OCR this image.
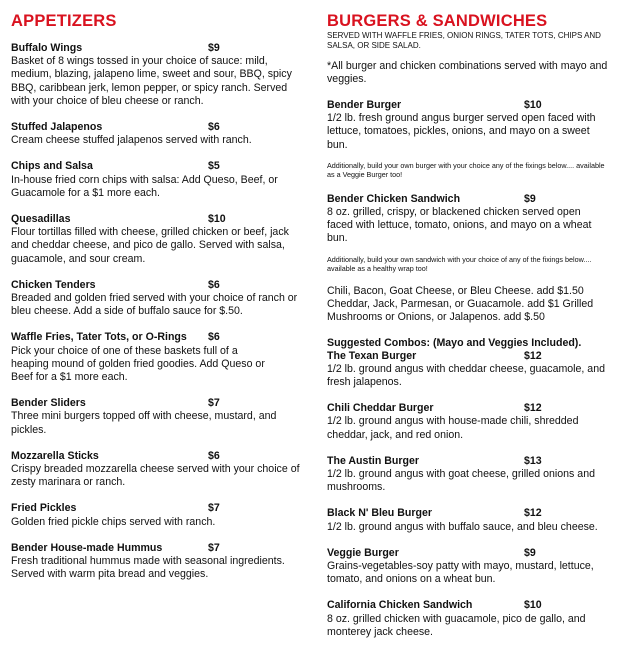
APPETIZERS
Buffalo Wings	$9
Basket of 8 wings tossed in your choice of sauce: mild, medium, blazing, jalapeno lime, sweet and sour, BBQ, spicy BBQ, caribbean jerk, lemon pepper, or spicy ranch. Served with your choice of bleu cheese or ranch.
Stuffed Jalapenos	$6
Cream cheese stuffed jalapenos served with ranch.
Chips and Salsa	$5
In-house fried corn chips with salsa: Add Queso, Beef, or Guacamole for a $1 more each.
Quesadillas	$10
Flour tortillas filled with cheese, grilled chicken or beef, jack and cheddar cheese, and pico de gallo. Served with salsa, guacamole, and sour cream.
Chicken Tenders	$6
Breaded and golden fried served with your choice of ranch or bleu cheese. Add a side of buffalo sauce for $.50.
Waffle Fries, Tater Tots, or O-Rings $6
Pick your choice of one of these baskets full of a heaping mound of golden fried goodies. Add Queso or Beef for a $1 more each.
Bender Sliders	$7
Three mini burgers topped off with cheese, mustard, and pickles.
Mozzarella Sticks	$6
Crispy breaded mozzarella cheese served with your choice of zesty marinara or ranch.
Fried Pickles	$7
Golden fried pickle chips served with ranch.
Bender House-made Hummus	$7
Fresh traditional hummus made with seasonal ingredients. Served with warm pita bread and veggies.
BURGERS & SANDWICHES
SERVED WITH WAFFLE FRIES, ONION RINGS, TATER TOTS, CHIPS AND SALSA, OR SIDE SALAD.
*All burger and chicken combinations served with mayo and veggies.
Bender Burger	$10
1/2 lb. fresh ground angus burger served open faced with lettuce, tomatoes, pickles, onions, and mayo on a sweet bun.
Additionally, build your own burger with your choice any of the fixings below.... available as a Veggie Burger too!
Bender Chicken Sandwich	$9
8 oz. grilled, crispy, or blackened chicken served open faced with lettuce, tomato, onions, and mayo on a wheat bun.
Additionally, build your own sandwich with your choice of any of the fixings below.... available as a healthy wrap too!
Chili, Bacon, Goat Cheese, or Bleu Cheese. add $1.50 Cheddar, Jack, Parmesan, or Guacamole. add $1 Grilled Mushrooms or Onions, or Jalapenos. add $.50
Suggested Combos: (Mayo and Veggies Included).
The Texan Burger	$12
1/2 lb. ground angus with cheddar cheese, guacamole, and fresh jalapenos.
Chili Cheddar Burger	$12
1/2 lb. ground angus with house-made chili, shredded cheddar, jack, and red onion.
The Austin Burger	$13
1/2 lb. ground angus with goat cheese, grilled onions and mushrooms.
Black N' Bleu Burger	$12
1/2 lb. ground angus with buffalo sauce, and bleu cheese.
Veggie Burger	$9
Grains-vegetables-soy patty with mayo, mustard, lettuce, tomato, and onions on a wheat bun.
California Chicken Sandwich	$10
8 oz. grilled chicken with guacamole, pico de gallo, and monterey jack cheese.
